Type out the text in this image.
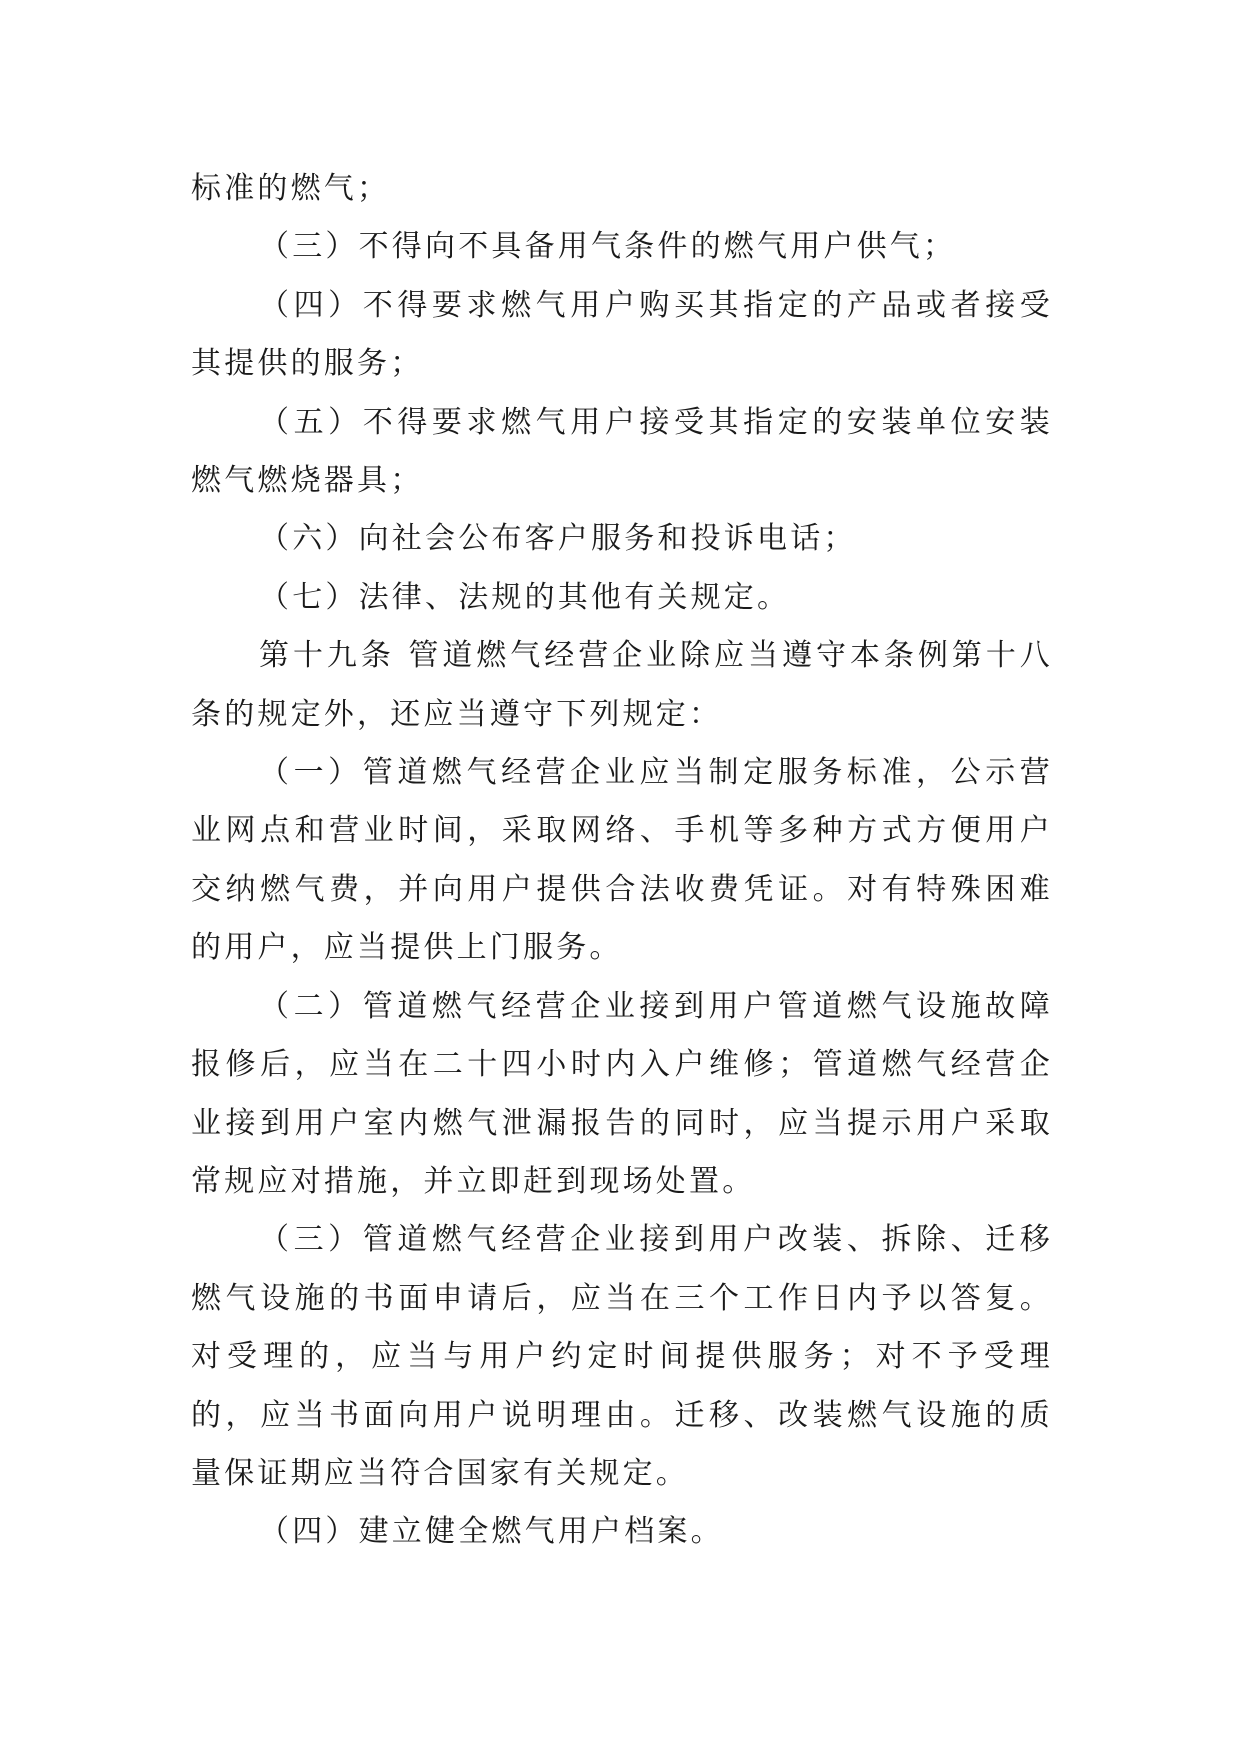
标准的燃气；

（三）不得向不具备用气条件的燃气用户供气；

（四）不得要求燃气用户购买其指定的产品或者接受其提供的服务；

（五）不得要求燃气用户接受其指定的安装单位安装燃气燃烧器具；

（六）向社会公布客户服务和投诉电话；

（七）法律、法规的其他有关规定。

第十九条 管道燃气经营企业除应当遵守本条例第十八条的规定外，还应当遵守下列规定：

（一）管道燃气经营企业应当制定服务标准，公示营业网点和营业时间，采取网络、手机等多种方式方便用户交纳燃气费，并向用户提供合法收费凭证。对有特殊困难的用户，应当提供上门服务。

（二）管道燃气经营企业接到用户管道燃气设施故障报修后，应当在二十四小时内入户维修；管道燃气经营企业接到用户室内燃气泄漏报告的同时，应当提示用户采取常规应对措施，并立即赶到现场处置。

（三）管道燃气经营企业接到用户改装、拆除、迁移燃气设施的书面申请后，应当在三个工作日内予以答复。对受理的，应当与用户约定时间提供服务；对不予受理的，应当书面向用户说明理由。迁移、改装燃气设施的质量保证期应当符合国家有关规定。

（四）建立健全燃气用户档案。
